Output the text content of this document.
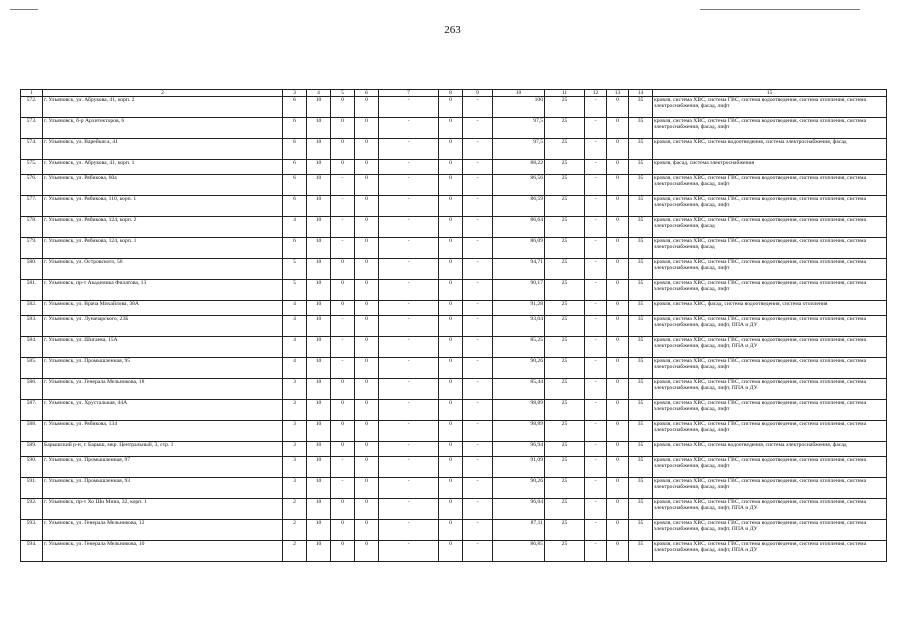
263
1	2	3	4	5	6	7	8	9	10	11	12	13	14	15
572.	г. Ульяновск, ул. Абрукова, 41, корп. 2	6	10	0	0	-	0	-	100	25	-	0	35	кровля, система ХВС, система ГВС, система водоотведения, система отопления, система электроснабжения, фасад, лифт
573.	г. Ульяновск, б-р Архитекторов, 6	6	10	0	0	-	0	-	97,5	25	-	0	35	кровля, система ХВС, система ГВС, система водоотведения, система отопления, система электроснабжения, фасад, лифт
574.	г. Ульяновск, ул. Варейкиса, 41	6	10	0	0	-	0	-	97,5	25	-	0	35	кровля, система ХВС, система водоотведения, система электроснабжения, фасад
575.	г. Ульяновск, ул. Абрукова, 41, корп. 1	6	10	0	0	-	0	-	88,22	25	-	0	35	кровля, фасад, система электроснабжения
576.	г. Ульяновск, ул. Рябикова, 60а	6	10	-	0	-	0	-	86,56	25	-	0	35	кровля, система ХВС, система ГВС, система водоотведения, система отопления, система электроснабжения, фасад, лифт
577.	г. Ульяновск, ул. Рябикова, 110, корп. 1	6	10	-	0	-	0	-	86,59	25	-	0	35	кровля, система ХВС, система ГВС, система водоотведения, система отопления, система электроснабжения, фасад, лифт
578.	г. Ульяновск, ул. Рябикова, 124, корп. 2	4	10	-	0	-	0	-	86,64	25	-	0	35	кровля, система ХВС, система ГВС, система водоотведения, система отопления, система электроснабжения, фасад
579.	г. Ульяновск, ул. Рябикова, 124, корп. 1	6	10	-	0	-	0	-	86,09	25	-	0	35	кровля, система ХВС, система ГВС, система водоотведения, система отопления, система электроснабжения, фасад
580.	г. Ульяновск, ул. Островского, 56	5	10	0	0	-	0	-	94,71	25	-	0	35	кровля, система ХВС, система ГВС, система водоотведения, система отопления, система электроснабжения, фасад, лифт
581.	г. Ульяновск, пр-т Академика Филатова, 13	5	10	0	0	-	0	-	90,17	25	-	0	35	кровля, система ХВС, система ГВС, система водоотведения, система отопления, система электроснабжения, фасад, лифт
582.	г. Ульяновск, ул. Врача Михайлова, 38А	4	10	0	0	-	0	-	91,28	25	-	0	35	кровля, система ХВС, фасад, система водоотведения, система отопления
583.	г. Ульяновск, ул. Луначарского, 23Б	4	10	-	0	-	0	-	93,04	25	-	0	35	кровля, система ХВС, система ГВС, система водоотведения, система отопления, система электроснабжения, фасад, лифт, ППА и ДУ
584.	г. Ульяновск, ул. Шигаева, 15А	4	10	-	0	-	0	-	85,25	25	-	0	35	кровля, система ХВС, система ГВС, система водоотведения, система отопления, система электроснабжения, фасад, лифт, ППА и ДУ
585.	г. Ульяновск, ул. Промышленная, 95	4	10	-	0	-	0	-	90,26	25	-	0	35	кровля, система ХВС, система ГВС, система водоотведения, система отопления, система электроснабжения, фасад, лифт
586.	г. Ульяновск, ул. Генерала Мельникова, 18	3	10	0	0	-	0	-	85,44	25	-	0	35	кровля, система ХВС, система ГВС, система водоотведения, система отопления, система электроснабжения, фасад, лифт, ППА и ДУ
587.	г. Ульяновск, ул. Хрустальная, 44А	3	10	0	0	-	0	-	98,89	25	-	0	35	кровля, система ХВС, система ГВС, система водоотведения, система отопления, система электроснабжения, фасад, лифт
588.	г. Ульяновск, ул. Рябикова, 134	3	10	0	0	-	0	-	98,89	25	-	0	35	кровля, система ХВС, система ГВС, система водоотведения, система отопления, система электроснабжения, фасад, лифт
589.	Барышский р-н, г. Барыш, мкр. Центральный, 3, стр. 1	3	10	0	0	-	0	-	96,94	25	-	0	35	кровля, система ХВС, система водоотведения, система электроснабжения, фасад
590.	г. Ульяновск, ул. Промышленная, 97	3	10	-	0	-	0	-	91,09	25	-	0	35	кровля, система ХВС, система ГВС, система водоотведения, система отопления, система электроснабжения, фасад, лифт
591.	г. Ульяновск, ул. Промышленная, 93	3	10	-	0	-	0	-	90,26	25	-	0	35	кровля, система ХВС, система ГВС, система водоотведения, система отопления, система электроснабжения, фасад, лифт
592.	г. Ульяновск, пр-т Хо Ши Мина, 32, корп. 1	2	10	0	0	-	0	-	96,04	25	-	0	35	кровля, система ХВС, система ГВС, система водоотведения, система отопления, система электроснабжения, фасад, лифт, ППА и ДУ
593.	г. Ульяновск, ул. Генерала Мельникова, 12	2	10	0	0	-	0	-	87,11	25	-	0	35	кровля, система ХВС, система ГВС, система водоотведения, система отопления, система электроснабжения, фасад, лифт, ППА и ДУ
594.	г. Ульяновск, ул. Генерала Мельникова, 10	2	10	0	0	-	0	-	86,85	25	-	0	35	кровля, система ХВС, система ГВС, система водоотведения, система отопления, система электроснабжения, фасад, лифт, ППА и ДУ
